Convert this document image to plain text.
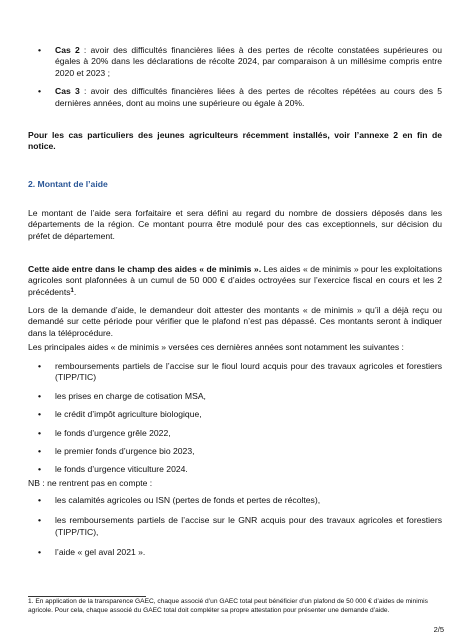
• Cas 2 : avoir des difficultés financières liées à des pertes de récolte constatées supérieures ou égales à 20% dans les déclarations de récolte 2024, par comparaison à un millésime compris entre 2020 et 2023 ;
• Cas 3 : avoir des difficultés financières liées à des pertes de récoltes répétées au cours des 5 dernières années, dont au moins une supérieure ou égale à 20%.

Pour les cas particuliers des jeunes agriculteurs récemment installés, voir l’annexe 2 en fin de notice.

2. Montant de l’aide

Le montant de l’aide sera forfaitaire et sera défini au regard du nombre de dossiers déposés dans les départements de la région. Ce montant pourra être modulé pour des cas exceptionnels, sur décision du préfet de département.

Cette aide entre dans le champ des aides « de minimis ». Les aides « de minimis » pour les exploitations agricoles sont plafonnées à un cumul de 50 000 € d’aides octroyées sur l’exercice fiscal en cours et les 2 précédents$^1$.

Lors de la demande d’aide, le demandeur doit attester des montants « de minimis » qu’il a déjà reçu ou demandé sur cette période pour vérifier que le plafond n’est pas dépassé. Ces montants seront à indiquer dans la téléprocédure.

Les principales aides « de minimis » versées ces dernières années sont notamment les suivantes :

• remboursements partiels de l’accise sur le fioul lourd acquis pour des travaux agricoles et forestiers (TIPP/TIC)
• les prises en charge de cotisation MSA,
• le crédit d’impôt agriculture biologique,
• le fonds d’urgence grêle 2022,
• le premier fonds d’urgence bio 2023,
• le fonds d’urgence viticulture 2024.

NB : ne rentrent pas en compte :

• les calamités agricoles ou ISN (pertes de fonds et pertes de récoltes),
• les remboursements partiels de l’accise sur le GNR acquis pour des travaux agricoles et forestiers (TIPP/TIC),
• l’aide « gel aval 2021 ».

1. En application de la transparence GAEC, chaque associé d’un GAEC total peut bénéficier d’un plafond de 50 000 € d’aides de minimis agricole. Pour cela, chaque associé du GAEC total doit compléter sa propre attestation pour présenter une demande d’aide.

2/5
